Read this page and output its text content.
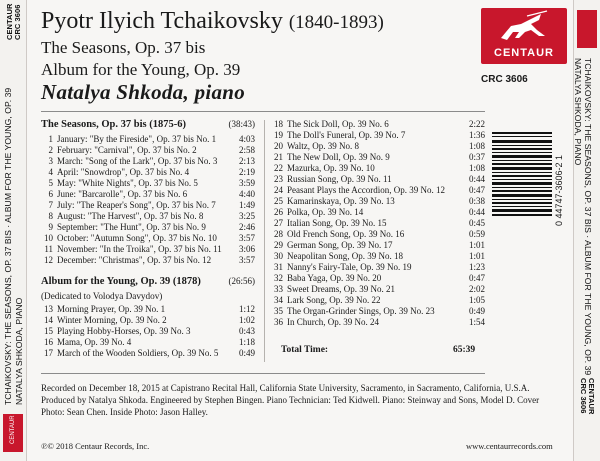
CENTAUR
CRC 3606
TCHAIKOVSKY: THE SEASONS, OP. 37 BIS · ALBUM FOR THE YOUNG, OP. 39 NATALYA SHKODA, PIANO
CENTAUR
TCHAIKOVSKY: THE SEASONS, OP. 37 BIS · ALBUM FOR THE YOUNG, OP. 39
NATALYA SHKODA, PIANO
CENTAUR
CRC 3606
Pyotr Ilyich Tchaikovsky (1840-1893)
The Seasons, Op. 37 bis
Album for the Young, Op. 39
Natalya Shkoda, piano
CENTAUR
CRC 3606
0 44747-3606-2 1
The Seasons, Op. 37 bis (1875-6)	(38:43)
1 January: "By the Fireside", Op. 37 bis No. 1	4:03
2 February: "Carnival", Op. 37 bis No. 2	2:58
3 March: "Song of the Lark", Op. 37 bis No. 3	2:13
4 April: "Snowdrop", Op. 37 bis No. 4	2:19
5 May: "White Nights", Op. 37 bis No. 5	3:59
6 June: "Barcarolle", Op. 37 bis No. 6	4:40
7 July: "The Reaper's Song", Op. 37 bis No. 7	1:49
8 August: "The Harvest", Op. 37 bis No. 8	3:25
9 September: "The Hunt", Op. 37 bis No. 9	2:46
10 October: "Autumn Song", Op. 37 bis No. 10	3:57
11 November: "In the Troika", Op. 37 bis No. 11	3:06
12 December: "Christmas", Op. 37 bis No. 12	3:57
Album for the Young, Op. 39 (1878)	(26:56)
(Dedicated to Volodya Davydov)
13 Morning Prayer, Op. 39 No. 1	1:12
14 Winter Morning, Op. 39 No. 2	1:02
15 Playing Hobby-Horses, Op. 39 No. 3	0:43
16 Mama, Op. 39 No. 4	1:18
17 March of the Wooden Soldiers, Op. 39 No. 5	0:49
18 The Sick Doll, Op. 39 No. 6	2:22
19 The Doll's Funeral, Op. 39 No. 7	1:36
20 Waltz, Op. 39 No. 8	1:08
21 The New Doll, Op. 39 No. 9	0:37
22 Mazurka, Op. 39 No. 10	1:08
23 Russian Song, Op. 39 No. 11	0:44
24 Peasant Plays the Accordion, Op. 39 No. 12	0:47
25 Kamarinskaya, Op. 39 No. 13	0:38
26 Polka, Op. 39 No. 14	0:44
27 Italian Song, Op. 39 No. 15	0:45
28 Old French Song, Op. 39 No. 16	0:59
29 German Song, Op. 39 No. 17	1:01
30 Neapolitan Song, Op. 39 No. 18	1:01
31 Nanny's Fairy-Tale, Op. 39 No. 19	1:23
32 Baba Yaga, Op. 39 No. 20	0:47
33 Sweet Dreams, Op. 39 No. 21	2:02
34 Lark Song, Op. 39 No. 22	1:05
35 The Organ-Grinder Sings, Op. 39 No. 23	0:49
36 In Church, Op. 39 No. 24	1:54
Total Time:	65:39
Recorded on December 18, 2015 at Capistrano Recital Hall, California State University, Sacramento, in Sacramento, California, U.S.A. Produced by Natalya Shkoda. Engineered by Stephen Bingen. Piano Technician: Ted Kidwell. Piano: Steinway and Sons, Model D. Cover Photo: Sean Chen. Inside Photo: Jason Halley.
℗© 2018 Centaur Records, Inc.	www.centaurrecords.com
